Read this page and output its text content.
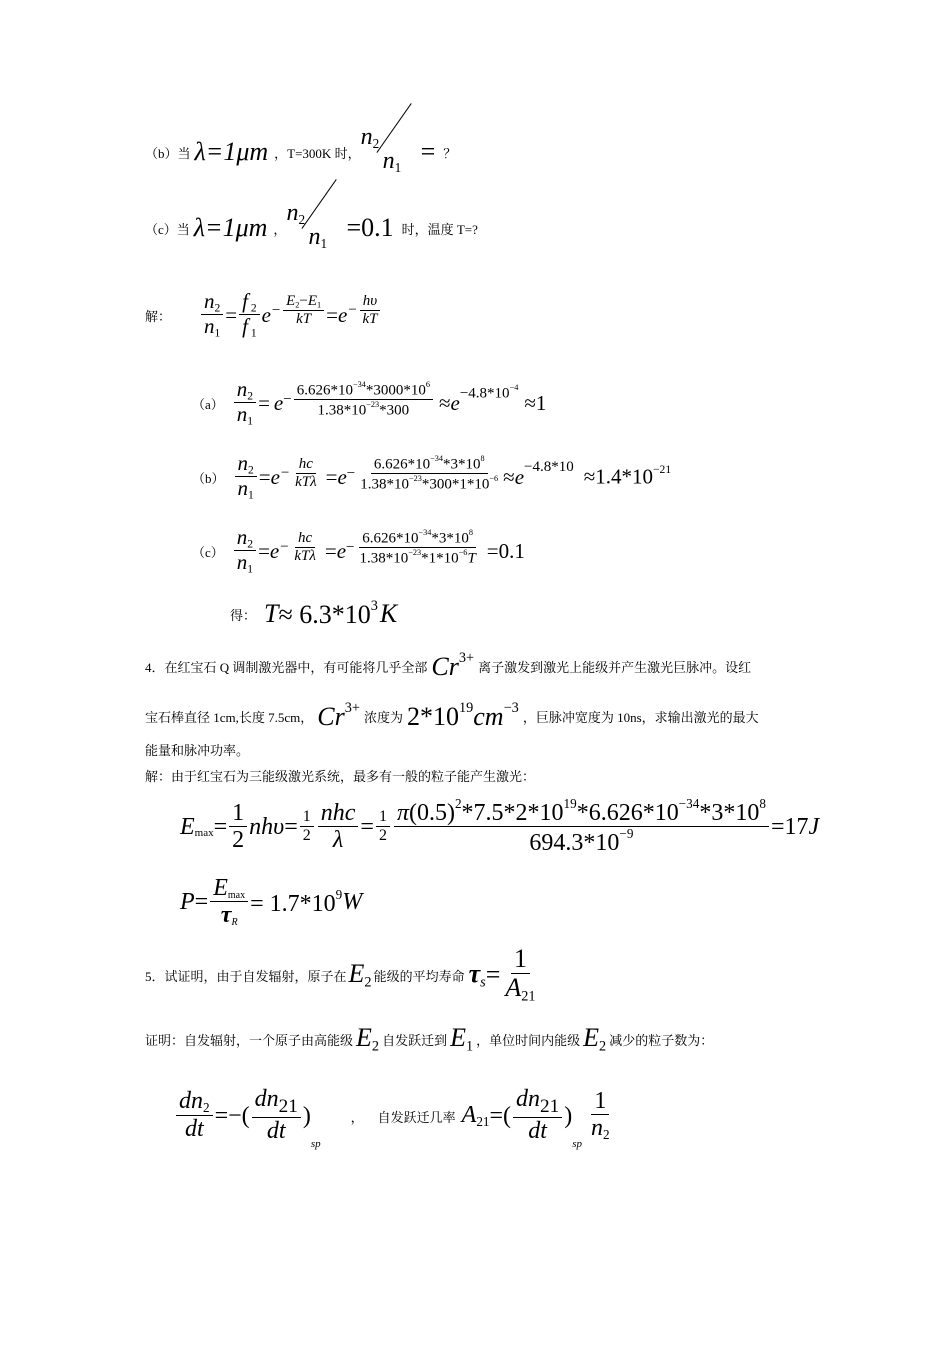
（b）当 λ=1μm ，T=300K 时，
$n_2$
$n_1$
= ？
（c）当 λ=1μm ，
$n_2$
$n_1$
=0.1 时，温度 T=?
解： $\frac{n_2}{n_1} = \frac{f _2}{f _1}$ $e - \frac{E_2-E_1}{kT} = e - \frac{h\upsilon}{kT}$
$(a) \frac{n_2}{n_1} = e - \frac{6.626*10^{-34}*3000*10^6}{1.38*10^{-23}*300} \approx e -4.8*10^{-4}$
≈1
$(b) \frac{n_2}{n_1} = e - \frac{hc}{\text{kTλ}} = e - \frac{6.626*10^{-34}*3*10^8}{1.38*10^{-23}*300*1*10^{-6}} \approx e -4.8*10 \approx 1.4*10^{-21}$
$(c) \frac{n_2}{n_1} = e - \frac{hc}{\text{kTλ}} = e - \frac{6.626*10^{-34}*3*10^8}{1.38*10^{-23}*1*10^{-6}T} =0.1$
得： $T \approx 6.3*10^3$ K
4．在红宝石 Q 调制激光器中，有可能将几乎全部 $Cr^{3+}$
离子激发到激光上能级并产生激光巨脉冲。设红
宝石棒直径 1cm,长度 7.5cm， $Cr^{3+}$
浓度为 $2*10^{19}cm^{-3}$
，巨脉冲宽度为 10ns，求输出激光的最大
能量和脉冲功率。
解：由于红宝石为三能级激光系统，最多有一般的粒子能产生激光：
$E_{max} = \frac{1}{2}$ $nh\upsilon = \frac{1}{2} \frac{\text{nhc}}{\lambda} = \frac{1}{2} \frac{\pi(0.5)^2*7.5*2*10^{19}*6.626*10^{-34}*3*10^8}{694.3*10^{-9}} =17$ J
$P = \frac{E_{max}}{\tau_R} = 1.7*10^9$ W
5．试证明，由于自发辐射，原子在 $E_2$ 能级的平均寿命 $\tau_s = \frac{1}{A_{21}}$
证明：自发辐射，一个原子由高能级 $E_2$ 自发跃迁到 $E_1$ ，单位时间内能级 $E_2$ 减少的粒子数为：
$\frac{dn_2}{dt}$ =−( $\frac{dn_{21}}{dt}$ )
sp
， 自发跃迁几率 $A_{21}$ =( $\frac{dn_{21}}{dt}$ )
sp
$\frac{1}{n_2}$
